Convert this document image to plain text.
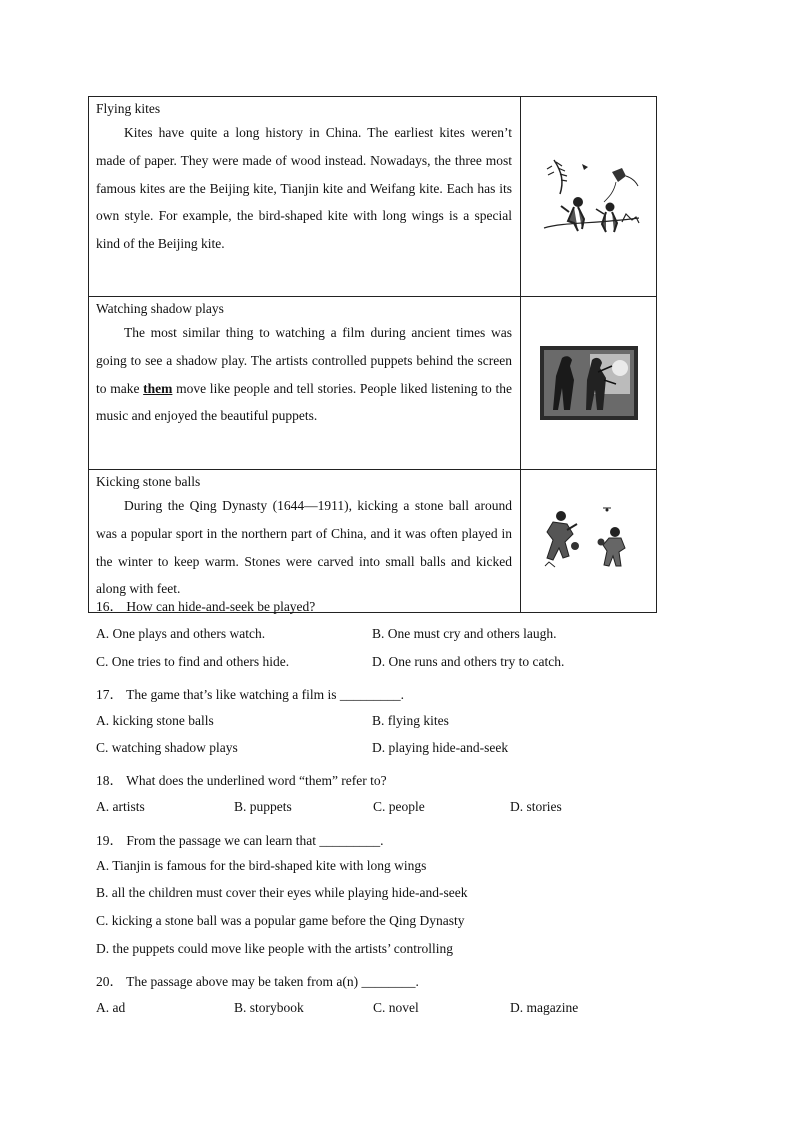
Flying kites

Kites have quite a long history in China. The earliest kites weren’t made of paper. They were made of wood instead. Nowadays, the three most famous kites are the Beijing kite, Tianjin kite and Weifang kite. Each has its own style. For example, the bird-shaped kite with long wings is a special kind of the Beijing kite.

Watching shadow plays

The most similar thing to watching a film during ancient times was going to see a shadow play. The artists controlled puppets behind the screen to make them move like people and tell stories. People liked listening to the music and enjoyed the beautiful puppets.

Kicking stone balls

During the Qing Dynasty (1644—1911), kicking a stone ball around was a popular sport in the northern part of China, and it was often played in the winter to keep warm. Stones were carved into small balls and kicked along with feet.

16． How can hide-and-seek be played?
A. One plays and others watch.	B. One must cry and others laugh.
C. One tries to find and others hide.	D. One runs and others try to catch.
17． The game that’s like watching a film is _________.
A. kicking stone balls	B. flying kites
C. watching shadow plays	D. playing hide-and-seek
18． What does the underlined word “them” refer to?
A. artists	B. puppets	C. people	D. stories
19． From the passage we can learn that _________.
A. Tianjin is famous for the bird-shaped kite with long wings
B. all the children must cover their eyes while playing hide-and-seek
C. kicking a stone ball was a popular game before the Qing Dynasty
D. the puppets could move like people with the artists’ controlling
20． The passage above may be taken from a(n) ________.
A. ad	B. storybook	C. novel	D. magazine
